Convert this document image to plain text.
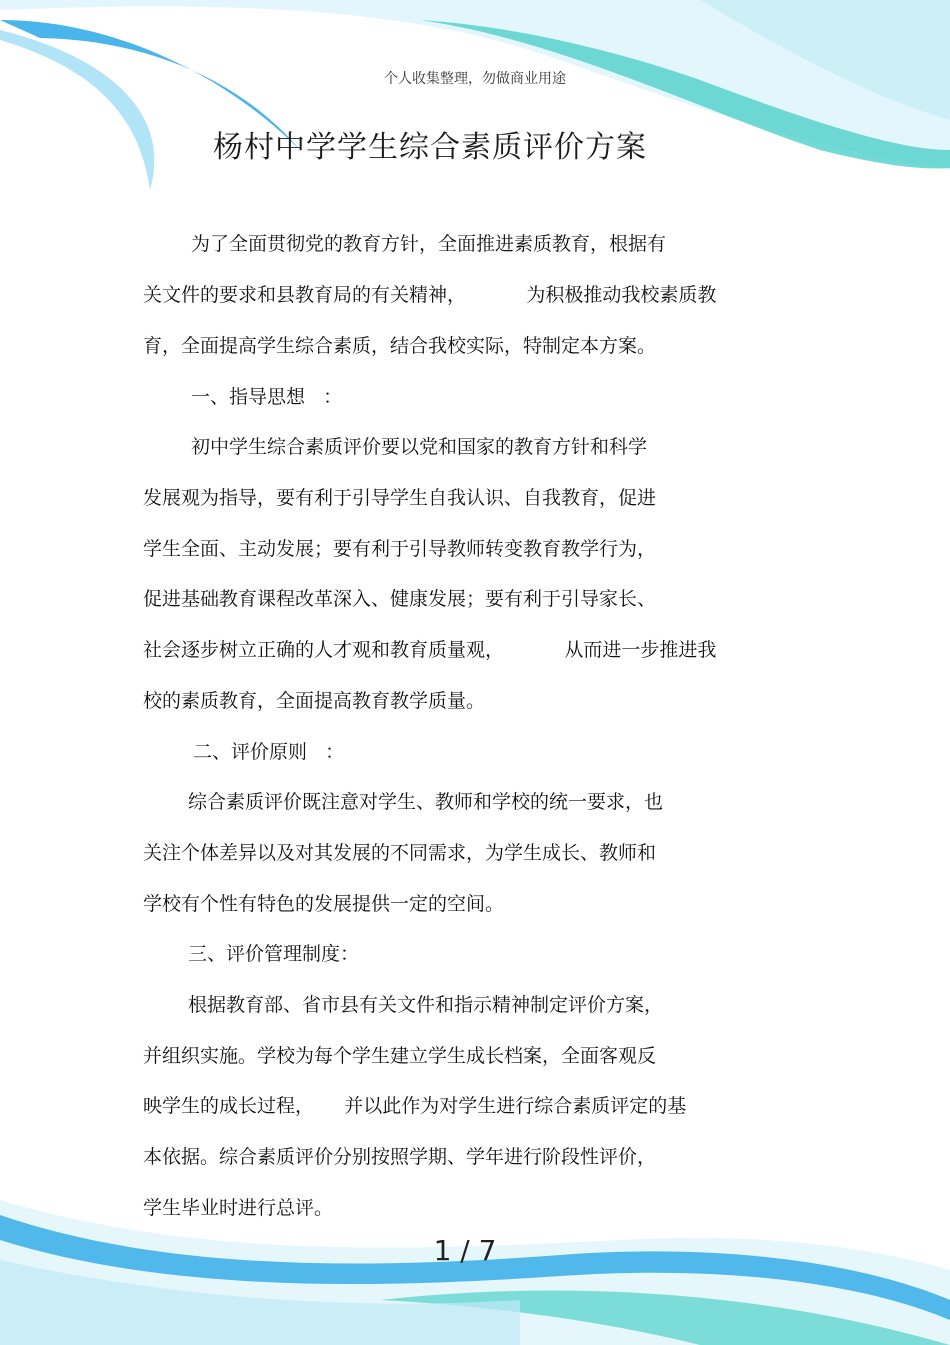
个人收集整理，勿做商业用途
杨村中学学生综合素质评价方案
为了全面贯彻党的教育方针，全面推进素质教育，根据有
关文件的要求和县教育局的有关精神，          为积极推动我校素质教
育，全面提高学生综合素质，结合我校实际，特制定本方案。
一、指导思想   ：
初中学生综合素质评价要以党和国家的教育方针和科学
发展观为指导，要有利于引导学生自我认识、自我教育，促进
学生全面、主动发展；要有利于引导教师转变教育教学行为，
促进基础教育课程改革深入、健康发展；要有利于引导家长、
社会逐步树立正确的人才观和教育质量观，          从而进一步推进我
校的素质教育，全面提高教育教学质量。
二、评价原则   ：
综合素质评价既注意对学生、教师和学校的统一要求，也
关注个体差异以及对其发展的不同需求，为学生成长、教师和
学校有个性有特色的发展提供一定的空间。
三、评价管理制度：
根据教育部、省市县有关文件和指示精神制定评价方案，
并组织实施。学校为每个学生建立学生成长档案，全面客观反
映学生的成长过程，     并以此作为对学生进行综合素质评定的基
本依据。综合素质评价分别按照学期、学年进行阶段性评价，
学生毕业时进行总评。
1 / 7
